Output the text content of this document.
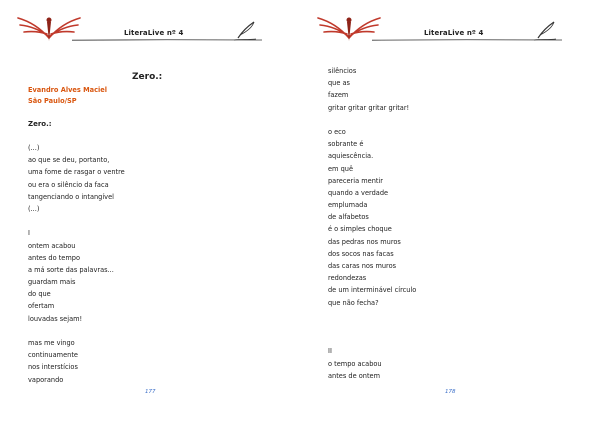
LiteraLive nº 4
Zero.:
Evandro Alves Maciel
São Paulo/SP
Zero.:
(...)
ao que se deu, portanto,
uma fome de rasgar o ventre
ou era o silêncio da faca
tangenciando o intangível
(...)
I
ontem acabou
antes do tempo
a má sorte das palavras...
guardam mais
do que
ofertam
louvadas sejam!
mas me vingo
continuamente
nos interstícios
vaporando
177
LiteraLive nº 4
silêncios
que as
fazem
gritar gritar gritar gritar!
o eco
sobrante é
aquiescência.
em quê
pareceria mentir
quando a verdade
emplumada
de alfabetos
é o simples choque
das pedras nos muros
dos socos nas facas
das caras nos muros
redondezas
de um interminável círculo
que não fecha?
II
o tempo acabou
antes de ontem
178
